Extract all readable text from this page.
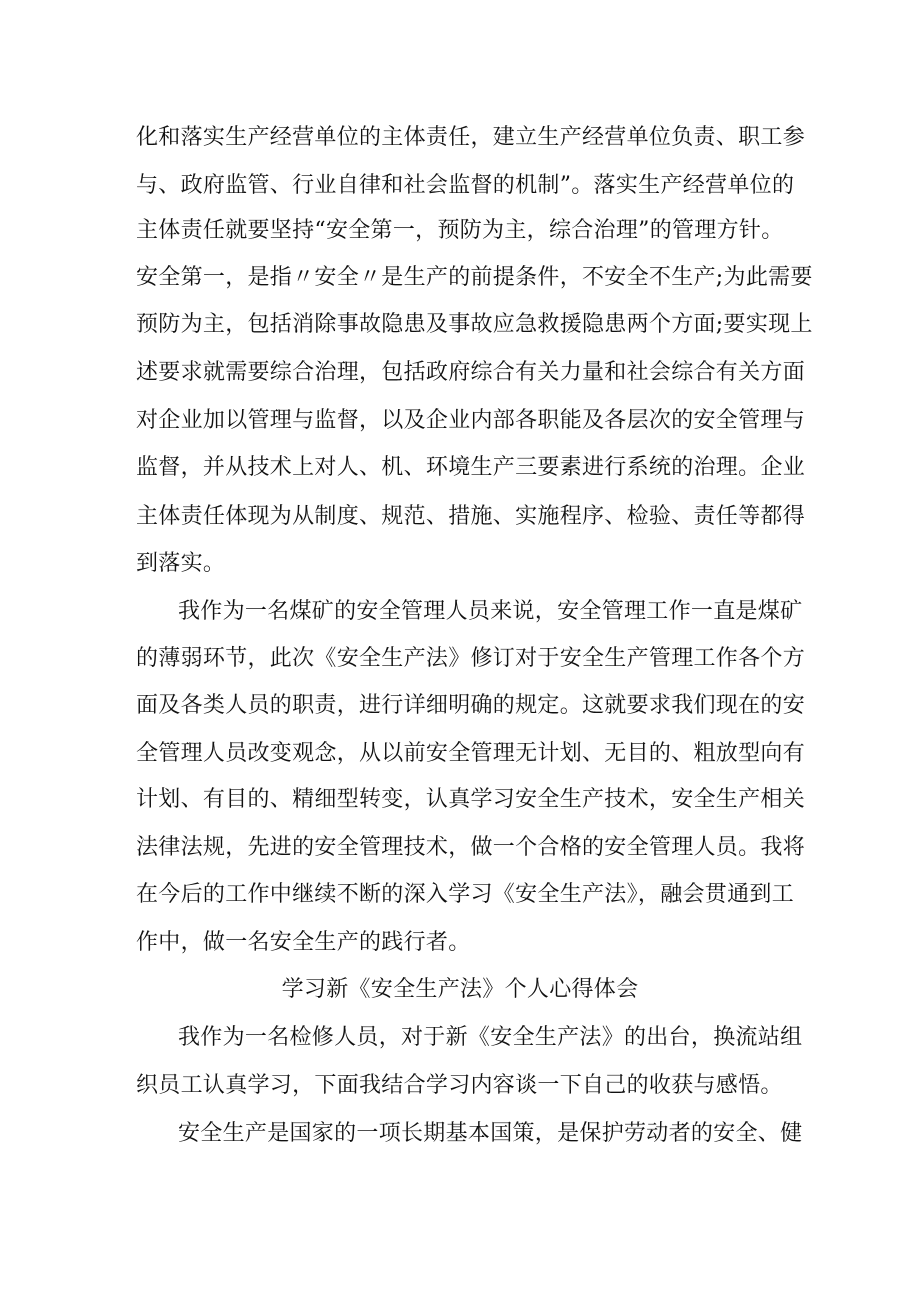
化和落实生产经营单位的主体责任，建立生产经营单位负责、职工参
与、政府监管、行业自律和社会监督的机制”。落实生产经营单位的
主体责任就要坚持“安全第一，预防为主，综合治理”的管理方针。
安全第一，是指〃安全〃是生产的前提条件，不安全不生产;为此需要
预防为主，包括消除事故隐患及事故应急救援隐患两个方面;要实现上
述要求就需要综合治理，包括政府综合有关力量和社会综合有关方面
对企业加以管理与监督，以及企业内部各职能及各层次的安全管理与
监督，并从技术上对人、机、环境生产三要素进行系统的治理。企业
主体责任体现为从制度、规范、措施、实施程序、检验、责任等都得
到落实。
我作为一名煤矿的安全管理人员来说，安全管理工作一直是煤矿
的薄弱环节，此次《安全生产法》修订对于安全生产管理工作各个方
面及各类人员的职责，进行详细明确的规定。这就要求我们现在的安
全管理人员改变观念，从以前安全管理无计划、无目的、粗放型向有
计划、有目的、精细型转变，认真学习安全生产技术，安全生产相关
法律法规，先进的安全管理技术，做一个合格的安全管理人员。我将
在今后的工作中继续不断的深入学习《安全生产法》，融会贯通到工
作中，做一名安全生产的践行者。
学习新《安全生产法》个人心得体会
我作为一名检修人员，对于新《安全生产法》的出台，换流站组
织员工认真学习，下面我结合学习内容谈一下自己的收获与感悟。
安全生产是国家的一项长期基本国策，是保护劳动者的安全、健
